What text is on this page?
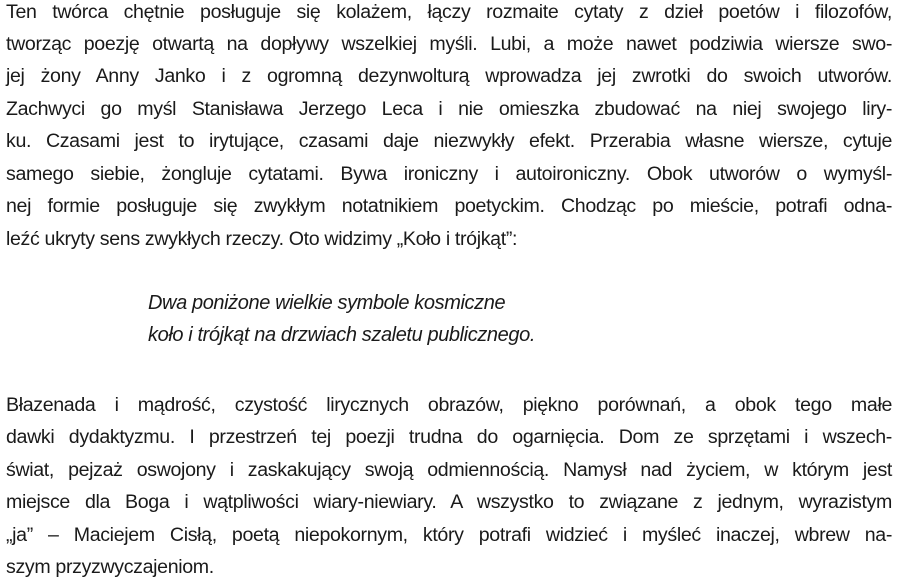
Ten twórca chętnie posługuje się kolażem, łączy rozmaite cytaty z dzieł poetów i filozofów,
tworząc poezję otwartą na dopływy wszelkiej myśli. Lubi, a może nawet podziwia wiersze swo-
jej żony Anny Janko i z ogromną dezynwolturą wprowadza jej zwrotki do swoich utworów.
Zachwyci go myśl Stanisława Jerzego Leca i nie omieszka zbudować na niej swojego liry-
ku. Czasami jest to irytujące, czasami daje niezwykły efekt. Przerabia własne wiersze, cytuje
samego siebie, żongluje cytatami. Bywa ironiczny i autoironiczny. Obok utworów o wymyśl-
nej formie posługuje się zwykłym notatnikiem poetyckim. Chodząc po mieście, potrafi odna-
leźć ukryty sens zwykłych rzeczy. Oto widzimy „Koło i trójkąt”:
Dwa poniżone wielkie symbole kosmiczne
koło i trójkąt na drzwiach szaletu publicznego.
Błazenada i mądrość, czystość lirycznych obrazów, piękno porównań, a obok tego małe
dawki dydaktyzmu. I przestrzeń tej poezji trudna do ogarnięcia. Dom ze sprzętami i wszech-
świat, pejzaż oswojony i zaskakujący swoją odmiennością. Namysł nad życiem, w którym jest
miejsce dla Boga i wątpliwości wiary-niewiary. A wszystko to związane z jednym, wyrazistym
„ja” – Maciejem Cisłą, poetą niepokornym, który potrafi widzieć i myśleć inaczej, wbrew na-
szym przyzwyczajeniom.
